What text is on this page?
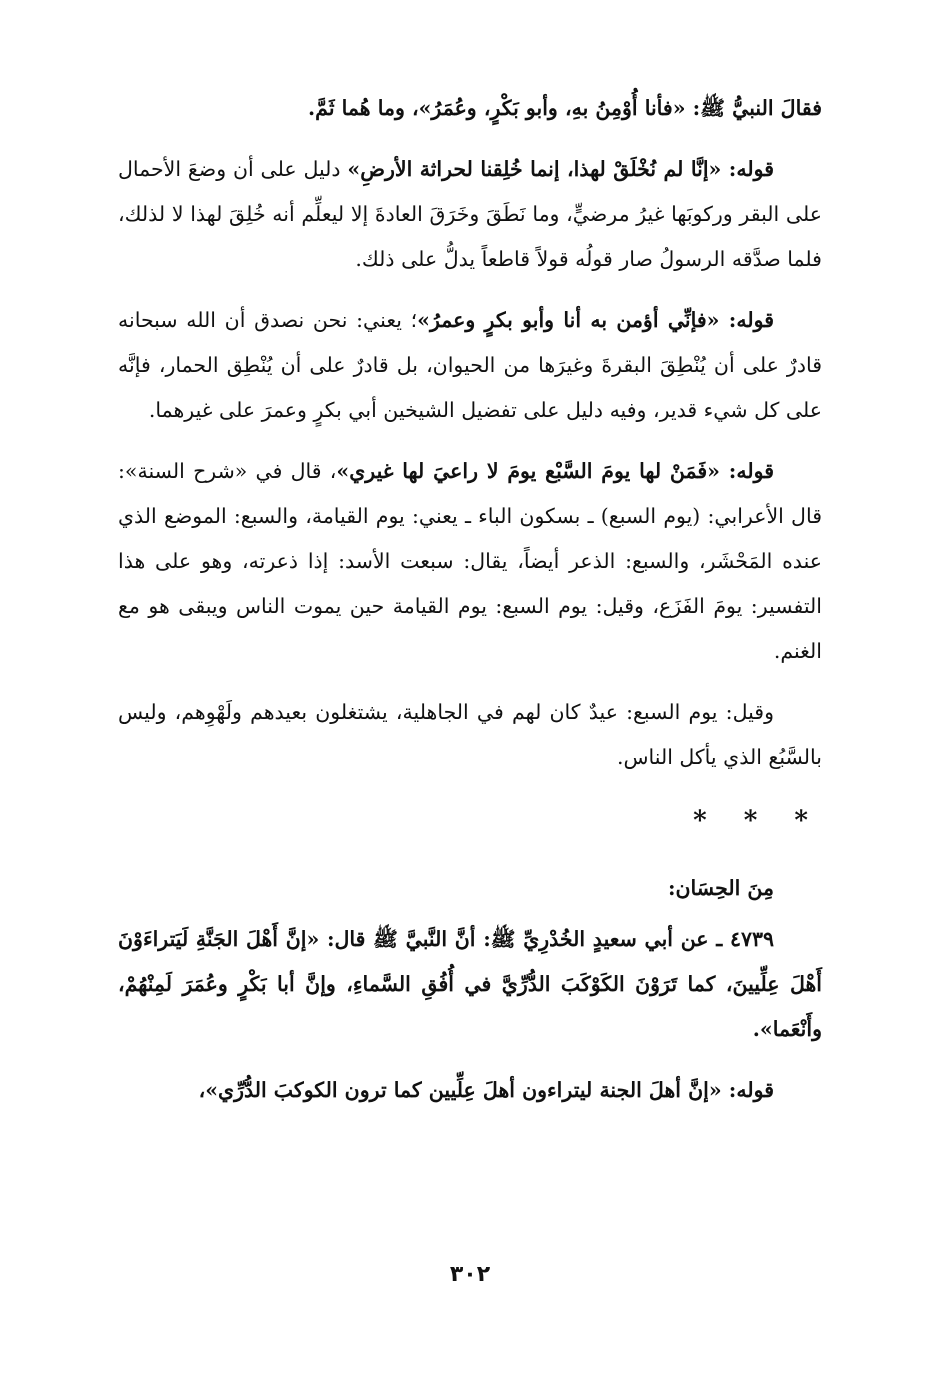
فقالَ النبيُّ ﷺ: «فأنا أُوْمِنُ بهِ، وأبو بَكْرٍ، وعُمَرُ»، وما هُما ثَمَّ.

قوله: «إنَّا لم نُخْلَقْ لهذا، إنما خُلِقنا لحراثة الأرضِ» دليل على أن وضعَ الأحمال على البقر وركوبَها غيرُ مرضيٍّ، وما نَطَقَ وخَرَقَ العادةَ إلا ليعلِّم أنه خُلِقَ لهذا لا لذلك، فلما صدَّقه الرسولُ صار قولُه قولاً قاطعاً يدلُّ على ذلك.

قوله: «فإنِّي أؤمن به أنا وأبو بكرٍ وعمرُ»؛ يعني: نحن نصدق أن الله سبحانه قادرٌ على أن يُنْطِقَ البقرةَ وغيرَها من الحيوان، بل قادرٌ على أن يُنْطِق الحمار، فإنَّه على كل شيء قدير، وفيه دليل على تفضيل الشيخين أبي بكرٍ وعمرَ على غيرهما.

قوله: «فَمَنْ لها يومَ السَّبْع يومَ لا راعيَ لها غيري»، قال في «شرح السنة»: قال الأعرابي: (يوم السبع) ـ بسكون الباء ـ يعني: يوم القيامة، والسبع: الموضع الذي عنده المَحْشَر، والسبع: الذعر أيضاً، يقال: سبعت الأسد: إذا ذعرته، وهو على هذا التفسير: يومَ الفَزَع، وقيل: يوم السبع: يوم القيامة حين يموت الناس ويبقى هو مع الغنم.

وقيل: يوم السبع: عيدٌ كان لهم في الجاهلية، يشتغلون بعيدهم ولَهْوِهم، وليس بالسَّبُع الذي يأكل الناس.

* * *

مِنَ الحِسَان:

٤٧٣٩ ـ عن أبي سعيدٍ الخُدْرِيِّ ﷺ: أنَّ النَّبيَّ ﷺ قال: «إنَّ أَهْلَ الجَنَّةِ لَيَتراءَوْنَ أَهْلَ عِلِّيينَ، كما تَرَوْنَ الكَوْكَبَ الدُّرِّيَّ في أُفُقِ السَّماءِ، وإنَّ أبا بَكْرٍ وعُمَرَ لَمِنْهُمْ، وأَنْعَما».

قوله: «إنَّ أهلَ الجنة ليتراءون أهلَ عِلِّيين كما ترون الكوكبَ الدُّرِّي»،

٣٠٢
